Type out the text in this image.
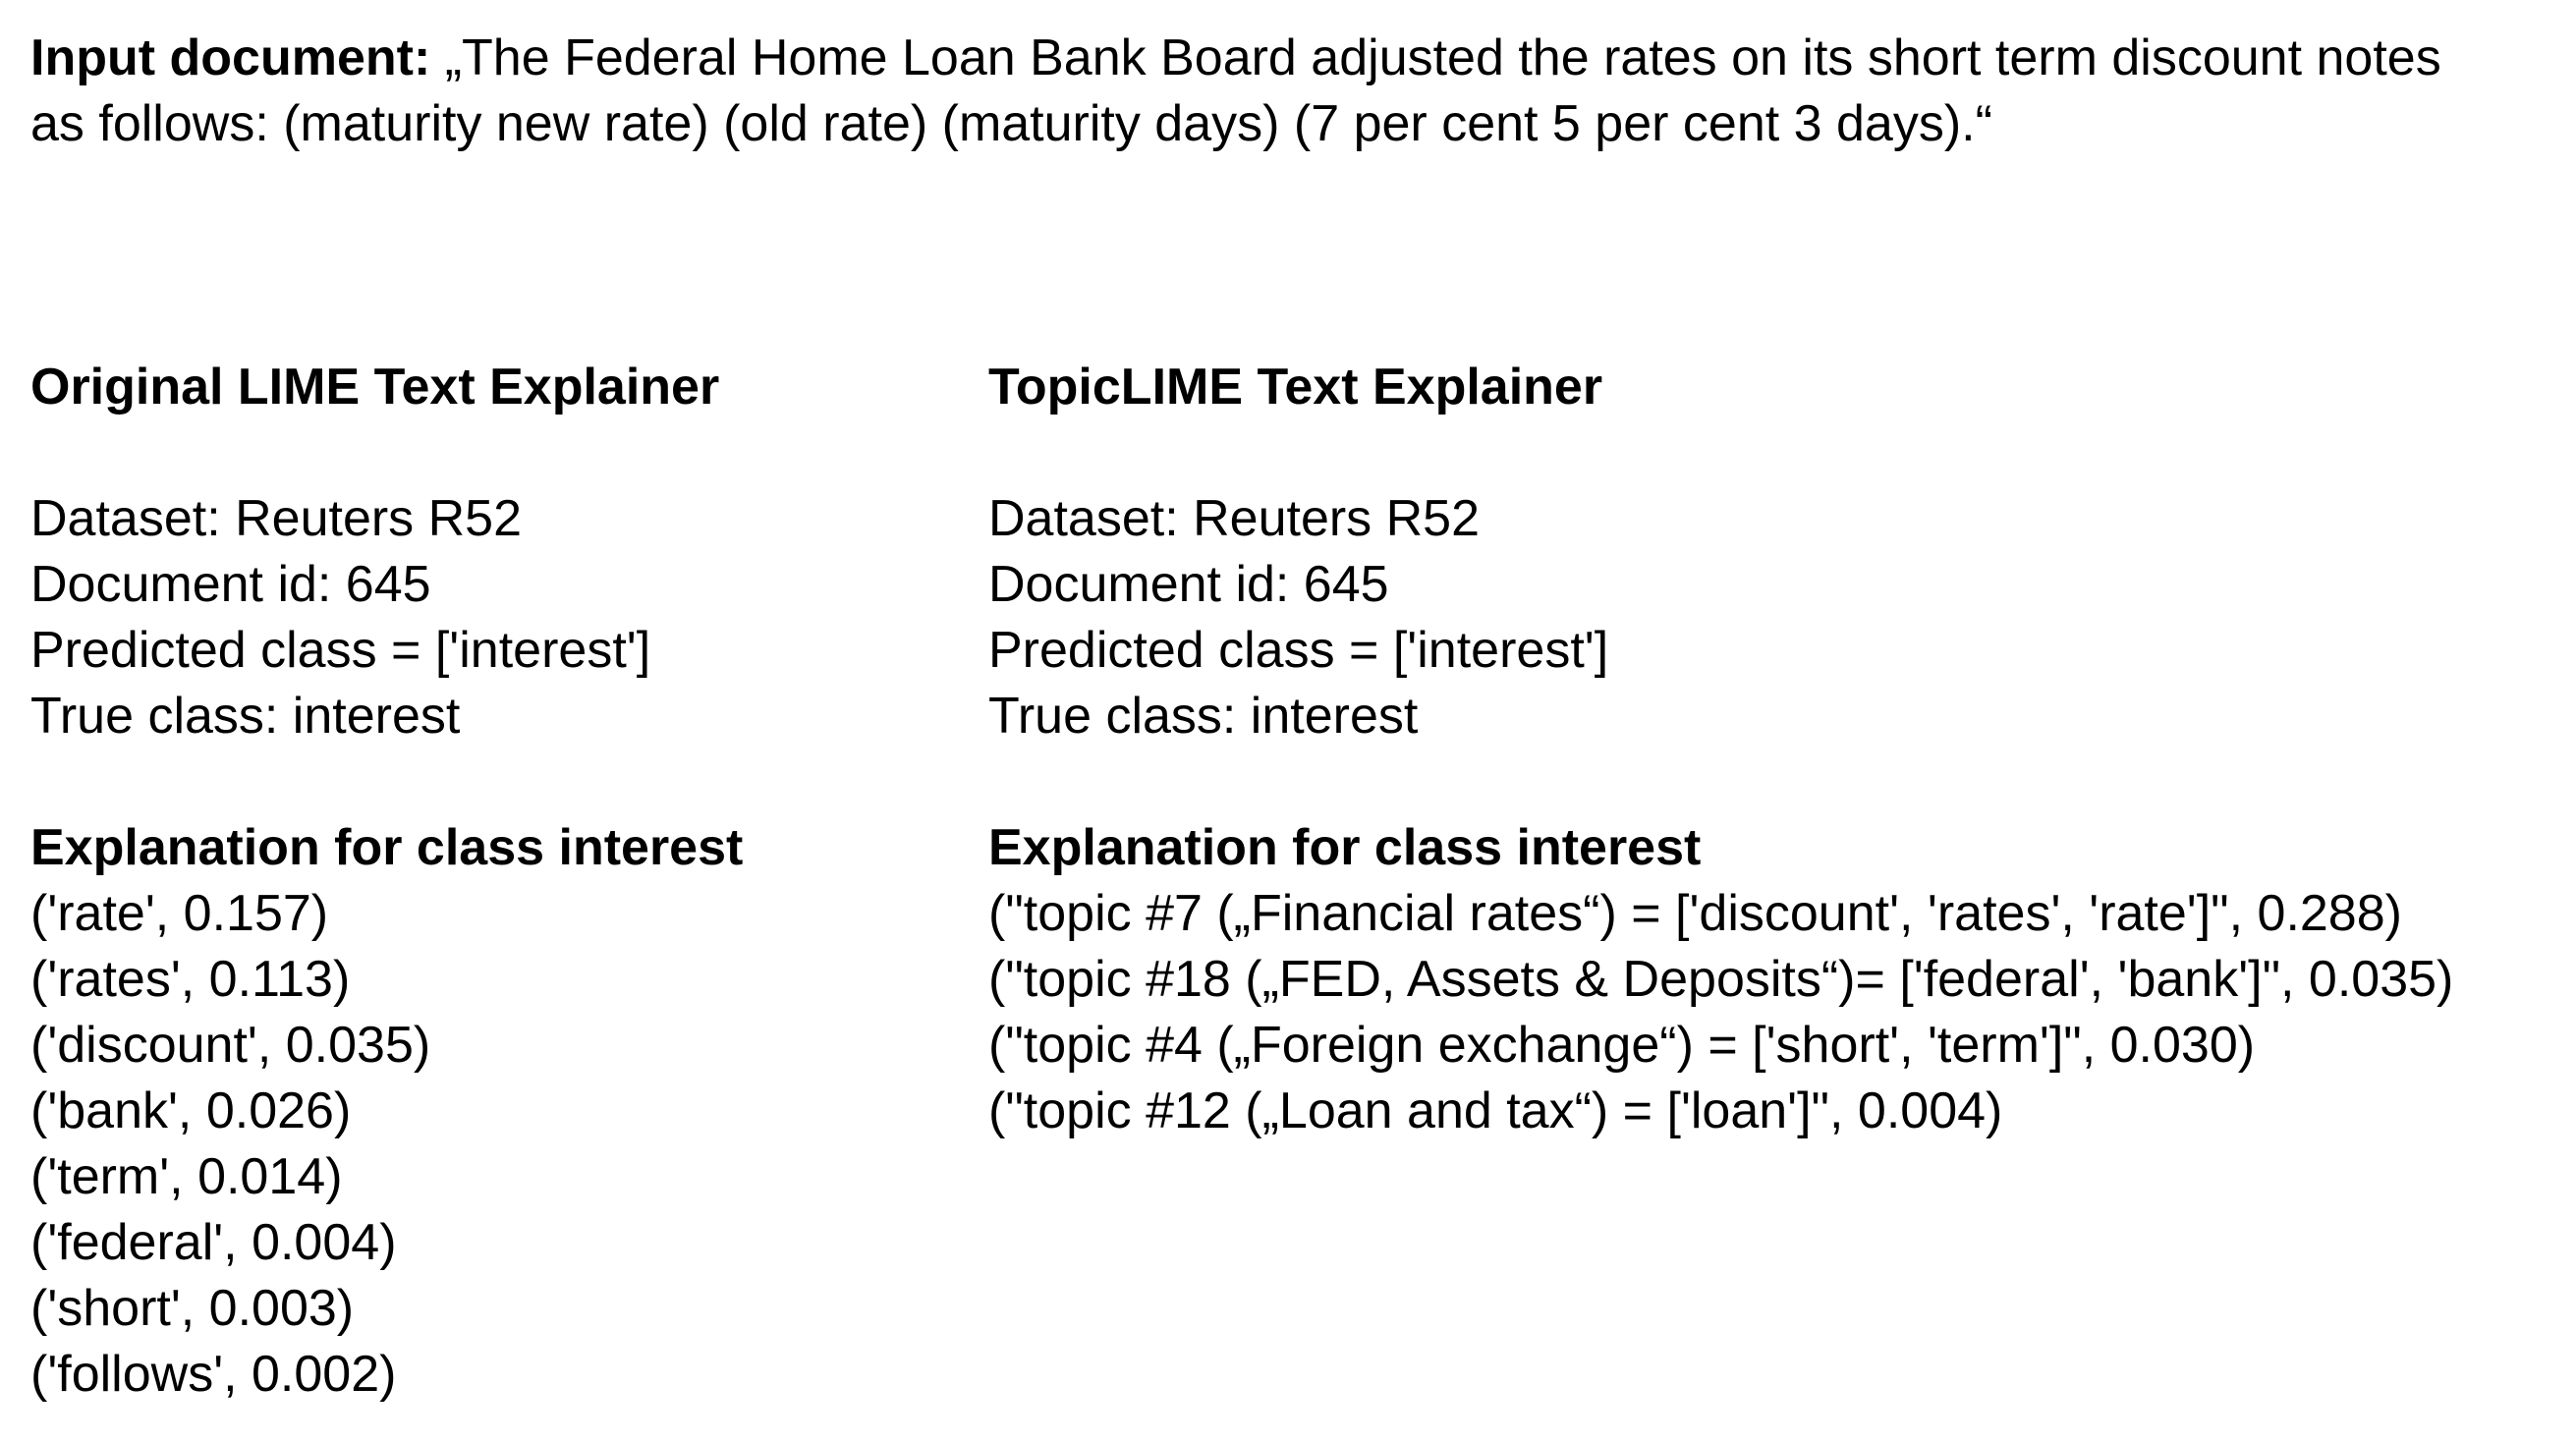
Input document: „The Federal Home Loan Bank Board adjusted the rates on its short term discount notes as follows: (maturity new rate) (old rate) (maturity days) (7 per cent 5 per cent 3 days).“
Original LIME Text Explainer
Dataset: Reuters R52
Document id: 645
Predicted class = ['interest']
True class: interest
Explanation for class interest
('rate', 0.157)
('rates', 0.113)
('discount', 0.035)
('bank', 0.026)
('term', 0.014)
('federal', 0.004)
('short', 0.003)
('follows', 0.002)
TopicLIME Text Explainer
Dataset: Reuters R52
Document id: 645
Predicted class = ['interest']
True class: interest
Explanation for class interest
("topic #7 („Financial rates“) = ['discount', 'rates', 'rate']", 0.288)
("topic #18 („FED, Assets & Deposits“)= ['federal', 'bank']", 0.035)
("topic #4 („Foreign exchange“) = ['short', 'term']", 0.030)
("topic #12 („Loan and tax“) = ['loan']", 0.004)
